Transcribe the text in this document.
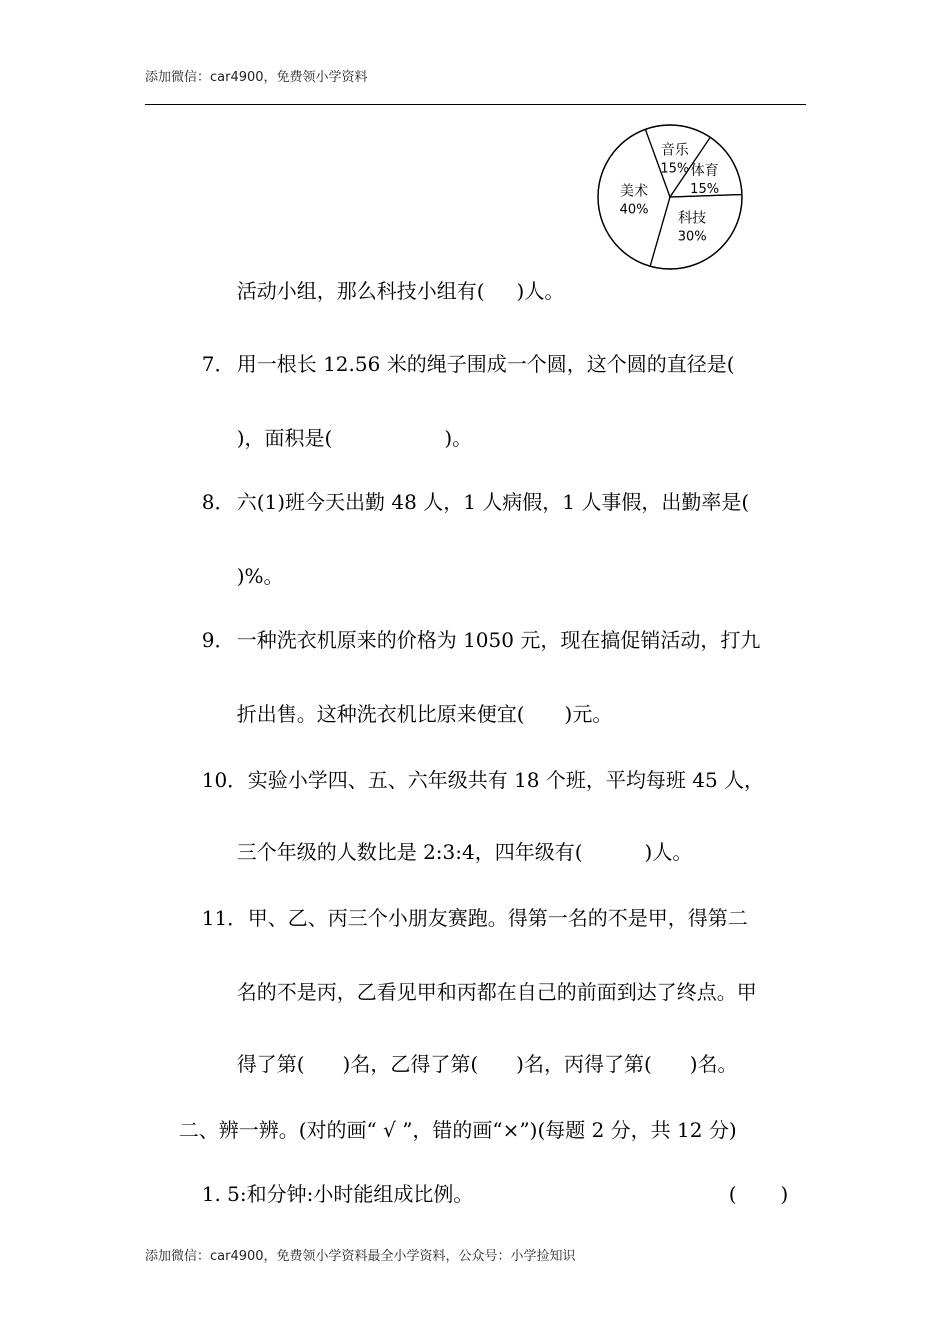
添加微信：car4900，免费领小学资料
音乐
15% 体育
15%
科技
30%
美术
40%

活动小组，那么科技小组有( )人。

7． 用一根长 12.56 米的绳子围成一个圆，这个圆的直径是(

)，面积是(	)。

8． 六(1)班今天出勤 48 人，1 人病假，1 人事假，出勤率是(

)%。

9． 一种洗衣机原来的价格为 1050 元，现在搞促销活动，打九

折出售。这种洗衣机比原来便宜( )元。

10．实验小学四、五、六年级共有 18 个班，平均每班 45 人，

三个年级的人数比是 2:3:4，四年级有(	)人。

11．甲、乙、丙三个小朋友赛跑。得第一名的不是甲，得第二

名的不是丙，乙看见甲和丙都在自己的前面到达了终点。甲

得了第( )名，乙得了第( )名，丙得了第( )名。

二、辨一辨。(对的画“ √ ”，错的画“×”)(每题 2 分，共 12 分)

1. 5:和分钟:小时能组成比例。	( )

添加微信：car4900，免费领小学资料最全小学资料，公众号：小学捡知识
